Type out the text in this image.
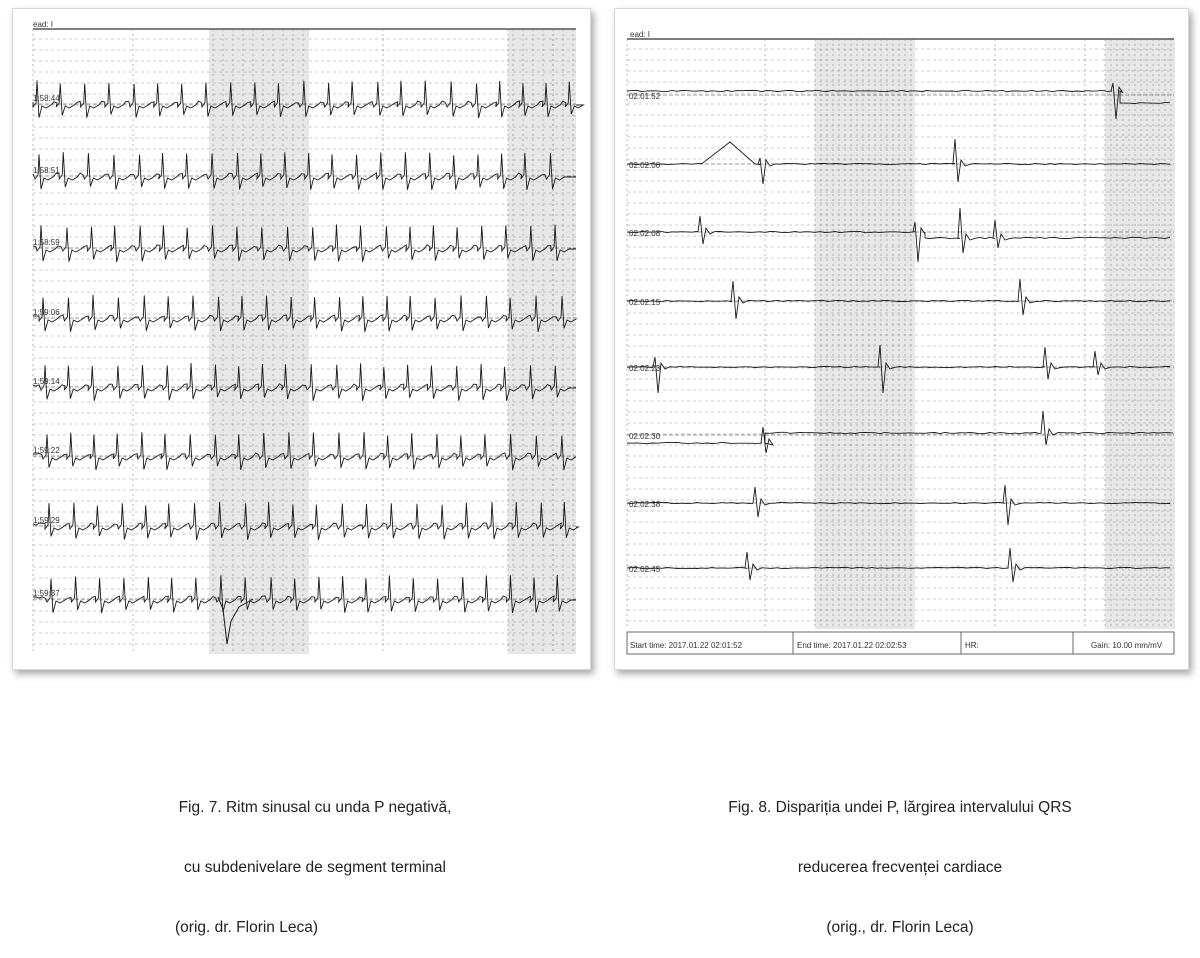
1:58:44
1:58:51
1:58:59
1:59:06
1:59:14
1:59:22
1:59:29
1:59:37
ead: I
02:01:52
02:02:00
02:02:08
02:02:15
02:02:23
02:02:30
02:02:38
02:02:45
ead: I
Start time: 2017.01.22 02:01:52	End time: 2017.01.22 02:02:53	HR:	Gain: 10.00 mm/mV

Fig. 7. Ritm sinusal cu unda P negativă,

cu subdenivelare de segment terminal

(orig. dr. Florin Leca)

Fig. 8. Dispariția undei P, lărgirea intervalului QRS

reducerea frecvenței cardiace

(orig., dr. Florin Leca)
